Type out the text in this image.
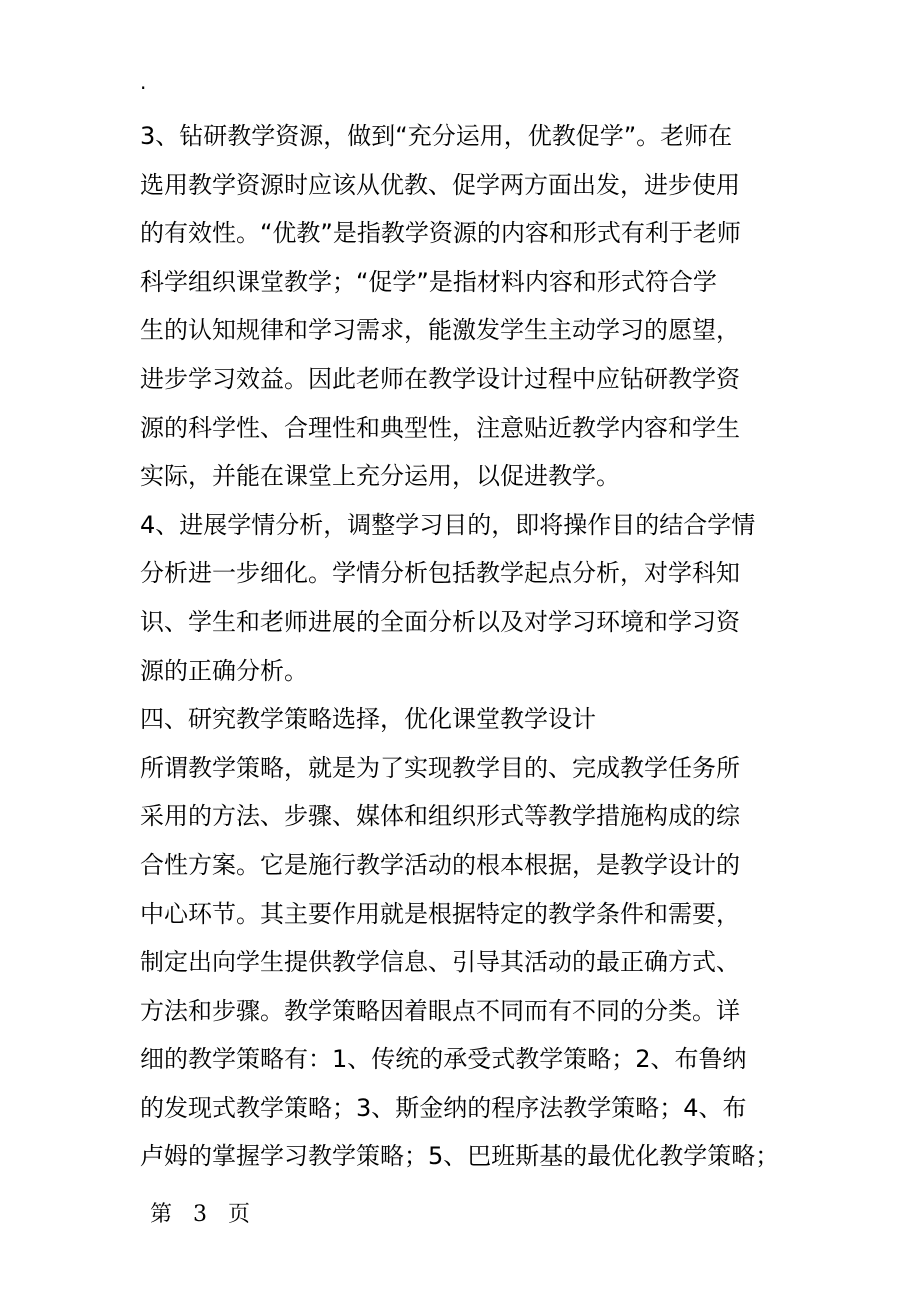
.
3、钻研教学资源，做到“充分运用，优教促学”。老师在
选用教学资源时应该从优教、促学两方面出发，进步使用
的有效性。“优教”是指教学资源的内容和形式有利于老师
科学组织课堂教学；“促学”是指材料内容和形式符合学
生的认知规律和学习需求，能激发学生主动学习的愿望，
进步学习效益。因此老师在教学设计过程中应钻研教学资
源的科学性、合理性和典型性，注意贴近教学内容和学生
实际，并能在课堂上充分运用，以促进教学。
4、进展学情分析，调整学习目的，即将操作目的结合学情
分析进一步细化。学情分析包括教学起点分析，对学科知
识、学生和老师进展的全面分析以及对学习环境和学习资
源的正确分析。
四、研究教学策略选择，优化课堂教学设计
所谓教学策略，就是为了实现教学目的、完成教学任务所
采用的方法、步骤、媒体和组织形式等教学措施构成的综
合性方案。它是施行教学活动的根本根据，是教学设计的
中心环节。其主要作用就是根据特定的教学条件和需要，
制定出向学生提供教学信息、引导其活动的最正确方式、
方法和步骤。教学策略因着眼点不同而有不同的分类。详
细的教学策略有：1、传统的承受式教学策略；2、布鲁纳
的发现式教学策略；3、斯金纳的程序法教学策略；4、布
卢姆的掌握学习教学策略；5、巴班斯基的最优化教学策略；
第 3 页
